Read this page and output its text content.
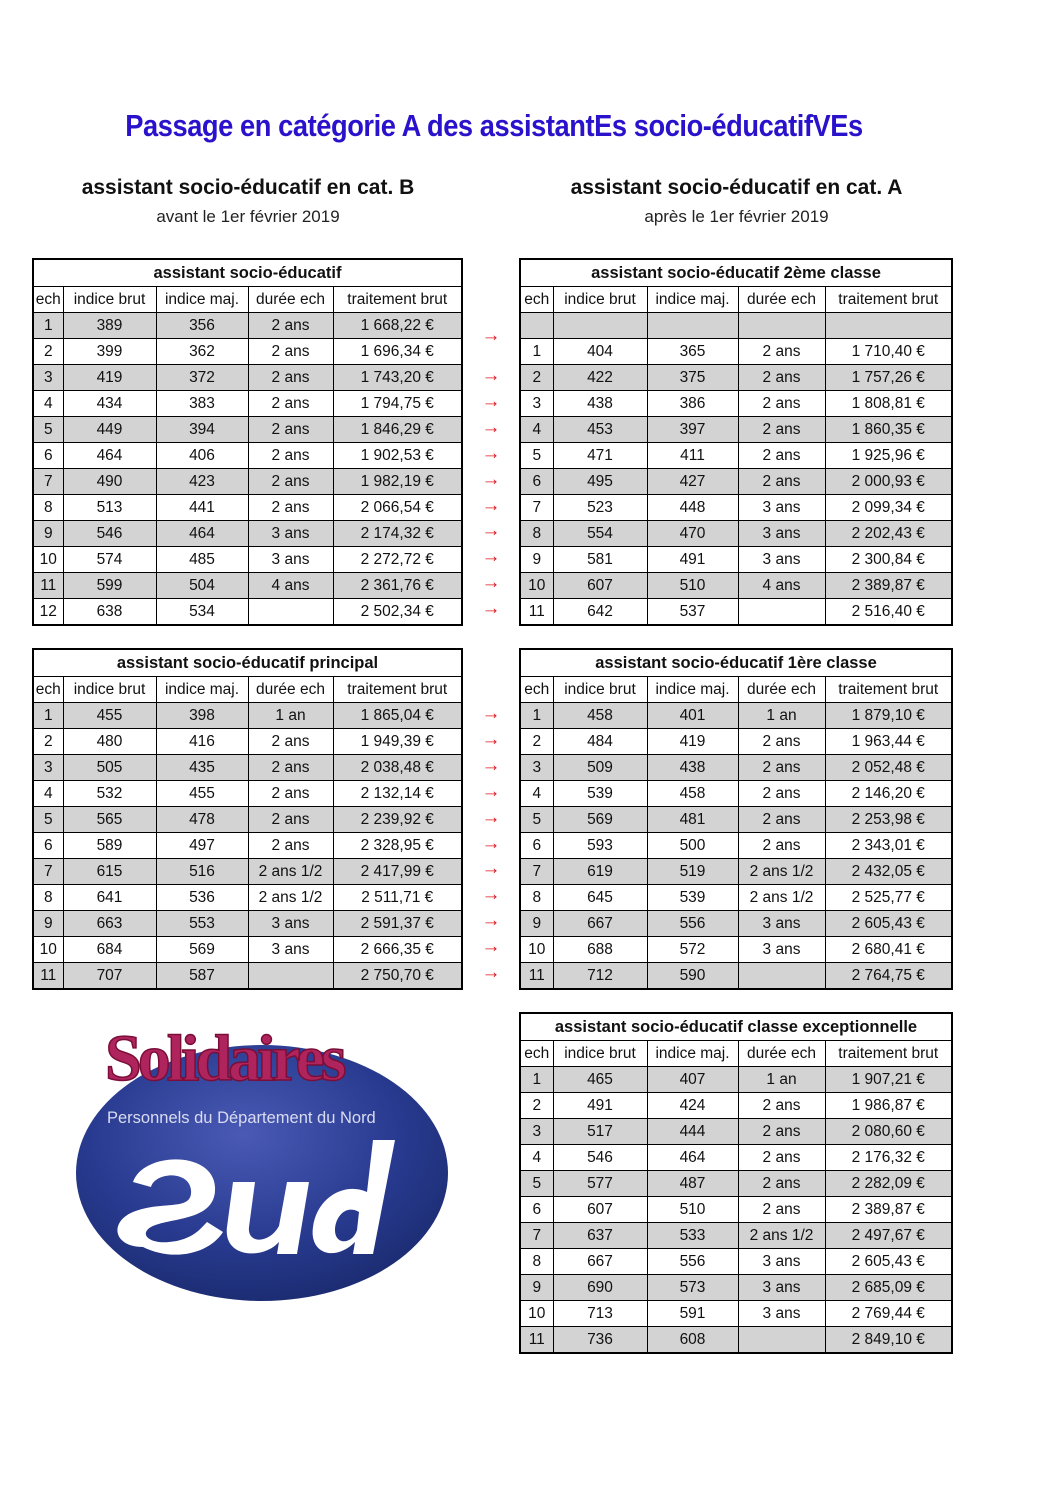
Passage en catégorie A des assistantEs socio-éducatifVEs
assistant socio-éducatif en cat. B
avant le 1er février 2019
assistant socio-éducatif en cat. A
après le 1er février 2019
assistant socio-éducatif				
ech	indice brut	indice maj.	durée ech	traitement brut
1	389	356	2 ans	1 668,22 €
2	399	362	2 ans	1 696,34 €
3	419	372	2 ans	1 743,20 €
4	434	383	2 ans	1 794,75 €
5	449	394	2 ans	1 846,29 €
6	464	406	2 ans	1 902,53 €
7	490	423	2 ans	1 982,19 €
8	513	441	2 ans	2 066,54 €
9	546	464	3 ans	2 174,32 €
10	574	485	3 ans	2 272,72 €
11	599	504	4 ans	2 361,76 €
12	638	534		2 502,34 €
assistant socio-éducatif 2ème classe				
ech	indice brut	indice maj.	durée ech	traitement brut

1	404	365	2 ans	1 710,40 €
2	422	375	2 ans	1 757,26 €
3	438	386	2 ans	1 808,81 €
4	453	397	2 ans	1 860,35 €
5	471	411	2 ans	1 925,96 €
6	495	427	2 ans	2 000,93 €
7	523	448	3 ans	2 099,34 €
8	554	470	3 ans	2 202,43 €
9	581	491	3 ans	2 300,84 €
10	607	510	4 ans	2 389,87 €
11	642	537		2 516,40 €
assistant socio-éducatif principal				
ech	indice brut	indice maj.	durée ech	traitement brut
1	455	398	1 an	1 865,04 €
2	480	416	2 ans	1 949,39 €
3	505	435	2 ans	2 038,48 €
4	532	455	2 ans	2 132,14 €
5	565	478	2 ans	2 239,92 €
6	589	497	2 ans	2 328,95 €
7	615	516	2 ans 1/2	2 417,99 €
8	641	536	2 ans 1/2	2 511,71 €
9	663	553	3 ans	2 591,37 €
10	684	569	3 ans	2 666,35 €
11	707	587		2 750,70 €
assistant socio-éducatif 1ère classe				
ech	indice brut	indice maj.	durée ech	traitement brut
1	458	401	1 an	1 879,10 €
2	484	419	2 ans	1 963,44 €
3	509	438	2 ans	2 052,48 €
4	539	458	2 ans	2 146,20 €
5	569	481	2 ans	2 253,98 €
6	593	500	2 ans	2 343,01 €
7	619	519	2 ans 1/2	2 432,05 €
8	645	539	2 ans 1/2	2 525,77 €
9	667	556	3 ans	2 605,43 €
10	688	572	3 ans	2 680,41 €
11	712	590		2 764,75 €
assistant socio-éducatif classe exceptionnelle				
ech	indice brut	indice maj.	durée ech	traitement brut
1	465	407	1 an	1 907,21 €
2	491	424	2 ans	1 986,87 €
3	517	444	2 ans	2 080,60 €
4	546	464	2 ans	2 176,32 €
5	577	487	2 ans	2 282,09 €
6	607	510	2 ans	2 389,87 €
7	637	533	2 ans 1/2	2 497,67 €
8	667	556	3 ans	2 605,43 €
9	690	573	3 ans	2 685,09 €
10	713	591	3 ans	2 769,44 €
11	736	608		2 849,10 €
→
→
→
→
→
→
→
→
→
→
→
→
→
→
→
→
→
→
→
→
→
→
Solidaires
Personnels du Département du Nord
